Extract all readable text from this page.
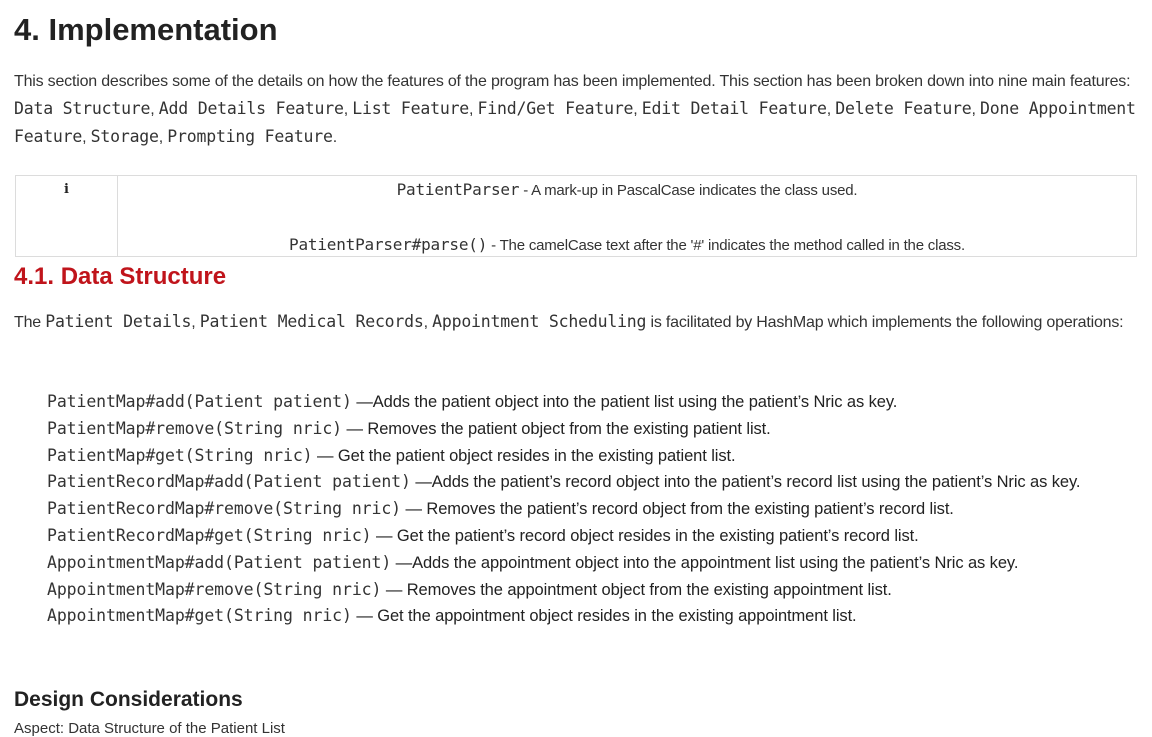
4. Implementation

This section describes some of the details on how the features of the program has been implemented. This section has been broken down into nine main features: Data Structure, Add Details Feature, List Feature, Find/Get Feature, Edit Detail Feature, Delete Feature, Done Appointment Feature, Storage, Prompting Feature.

i	PatientParser - A mark-up in PascalCase indicates the class used.
PatientParser#parse() - The camelCase text after the '#' indicates the method called in the class.
4.1. Data Structure

The Patient Details, Patient Medical Records, Appointment Scheduling is facilitated by HashMap which implements the following operations:

PatientMap#add(Patient patient) —Adds the patient object into the patient list using the patient’s Nric as key.
PatientMap#remove(String nric) — Removes the patient object from the existing patient list.
PatientMap#get(String nric) — Get the patient object resides in the existing patient list.
PatientRecordMap#add(Patient patient) —Adds the patient’s record object into the patient’s record list using the patient’s Nric as key.
PatientRecordMap#remove(String nric) — Removes the patient’s record object from the existing patient’s record list.
PatientRecordMap#get(String nric) — Get the patient’s record object resides in the existing patient’s record list.
AppointmentMap#add(Patient patient) —Adds the appointment object into the appointment list using the patient’s Nric as key.
AppointmentMap#remove(String nric) — Removes the appointment object from the existing appointment list.
AppointmentMap#get(String nric) — Get the appointment object resides in the existing appointment list.
Design Considerations

Aspect: Data Structure of the Patient List
